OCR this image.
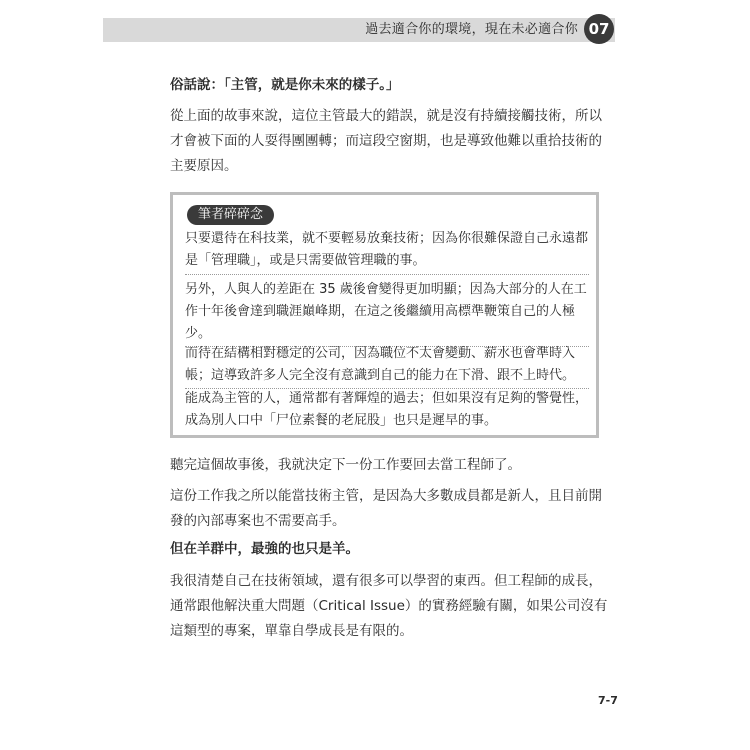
過去適合你的環境，現在未必適合你 07

俗話說：「主管，就是你未來的樣子。」

從上面的故事來說，這位主管最大的錯誤，就是沒有持續接觸技術，所以才會被下面的人耍得團團轉；而這段空窗期，也是導致他難以重拾技術的主要原因。

筆者碎碎念

只要還待在科技業，就不要輕易放棄技術；因為你很難保證自己永遠都是「管理職」，或是只需要做管理職的事。

另外，人與人的差距在 35 歲後會變得更加明顯；因為大部分的人在工作十年後會達到職涯巔峰期，在這之後繼續用高標準鞭策自己的人極少。

而待在結構相對穩定的公司，因為職位不太會變動、薪水也會準時入帳；這導致許多人完全沒有意識到自己的能力在下滑、跟不上時代。

能成為主管的人，通常都有著輝煌的過去；但如果沒有足夠的警覺性，成為別人口中「尸位素餐的老屁股」也只是遲早的事。

聽完這個故事後，我就決定下一份工作要回去當工程師了。

這份工作我之所以能當技術主管，是因為大多數成員都是新人，且目前開發的內部專案也不需要高手。

但在羊群中，最強的也只是羊。

我很清楚自己在技術領域，還有很多可以學習的東西。但工程師的成長，通常跟他解決重大問題（Critical Issue）的實務經驗有關，如果公司沒有這類型的專案，單靠自學成長是有限的。

7-7
